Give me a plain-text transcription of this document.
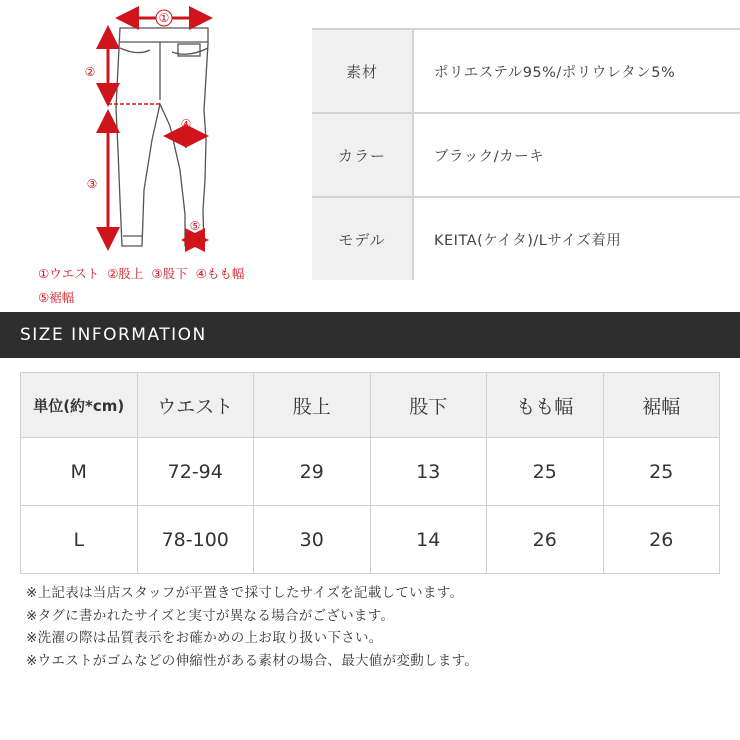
①
②
③
④
⑤
①ウエスト ②股上 ③股下 ④もも幅
⑤裾幅
素材	ポリエステル95%/ポリウレタン5%
カラー	ブラック/カーキ
モデル	KEITA(ケイタ)/Lサイズ着用
SIZE INFORMATION
単位(約*cm)	ウエスト	股上	股下	もも幅	裾幅
M	72-94	29	13	25	25
L	78-100	30	14	26	26
※上記表は当店スタッフが平置きで採寸したサイズを記載しています。
※タグに書かれたサイズと実寸が異なる場合がございます。
※洗濯の際は品質表示をお確かめの上お取り扱い下さい。
※ウエストがゴムなどの伸縮性がある素材の場合、最大値が変動します。
